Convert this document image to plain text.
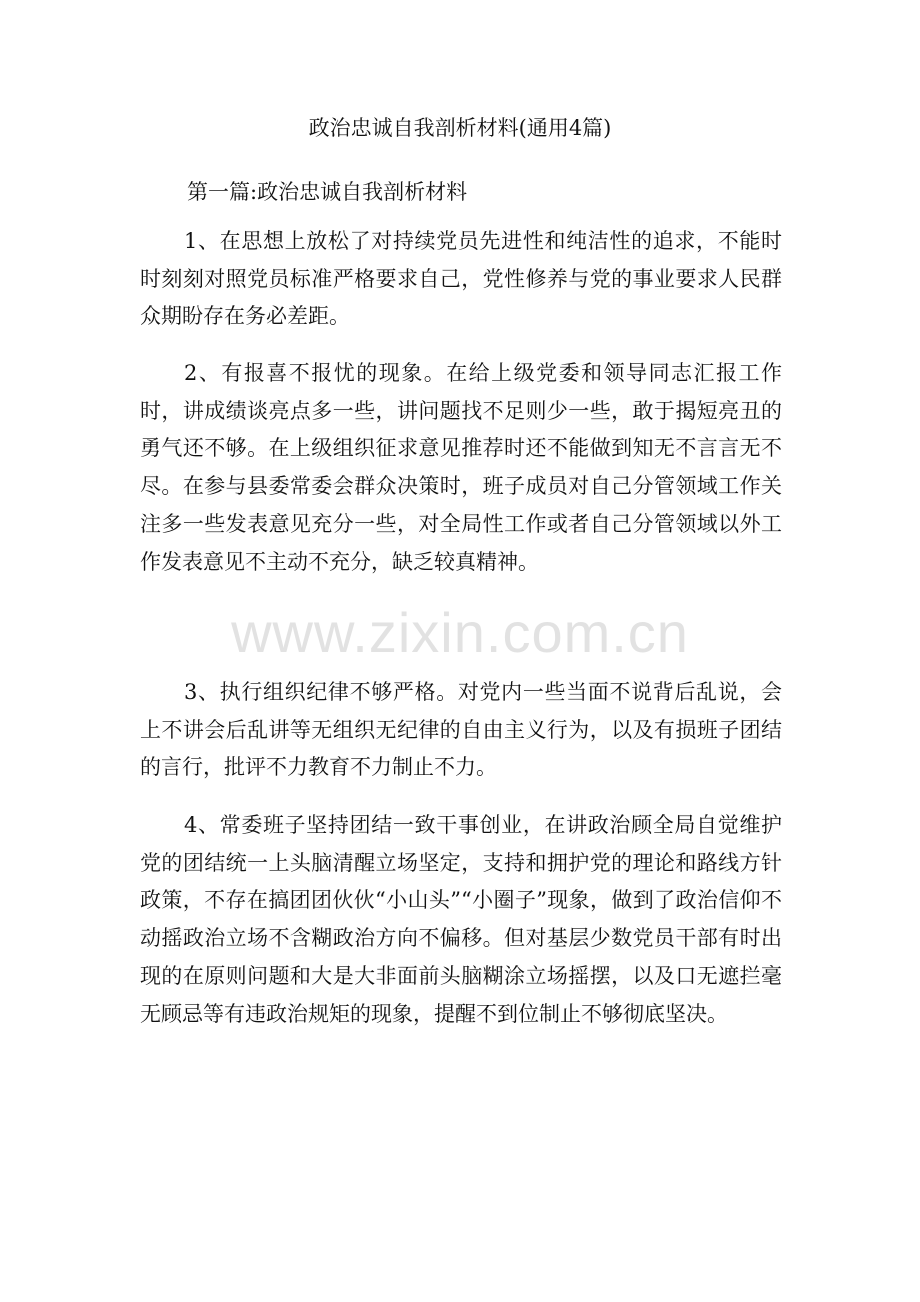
政治忠诚自我剖析材料(通用4篇)
第一篇:政治忠诚自我剖析材料

1、在思想上放松了对持续党员先进性和纯洁性的追求，不能时时刻刻对照党员标准严格要求自己，党性修养与党的事业要求人民群众期盼存在务必差距。

2、有报喜不报忧的现象。在给上级党委和领导同志汇报工作时，讲成绩谈亮点多一些，讲问题找不足则少一些，敢于揭短亮丑的勇气还不够。在上级组织征求意见推荐时还不能做到知无不言言无不尽。在参与县委常委会群众决策时，班子成员对自己分管领域工作关注多一些发表意见充分一些，对全局性工作或者自己分管领域以外工作发表意见不主动不充分，缺乏较真精神。

3、执行组织纪律不够严格。对党内一些当面不说背后乱说，会上不讲会后乱讲等无组织无纪律的自由主义行为，以及有损班子团结的言行，批评不力教育不力制止不力。

4、常委班子坚持团结一致干事创业，在讲政治顾全局自觉维护党的团结统一上头脑清醒立场坚定，支持和拥护党的理论和路线方针政策，不存在搞团团伙伙“小山头”“小圈子”现象，做到了政治信仰不动摇政治立场不含糊政治方向不偏移。但对基层少数党员干部有时出现的在原则问题和大是大非面前头脑糊涂立场摇摆，以及口无遮拦毫无顾忌等有违政治规矩的现象，提醒不到位制止不够彻底坚决。

www.zixin.com.cn
